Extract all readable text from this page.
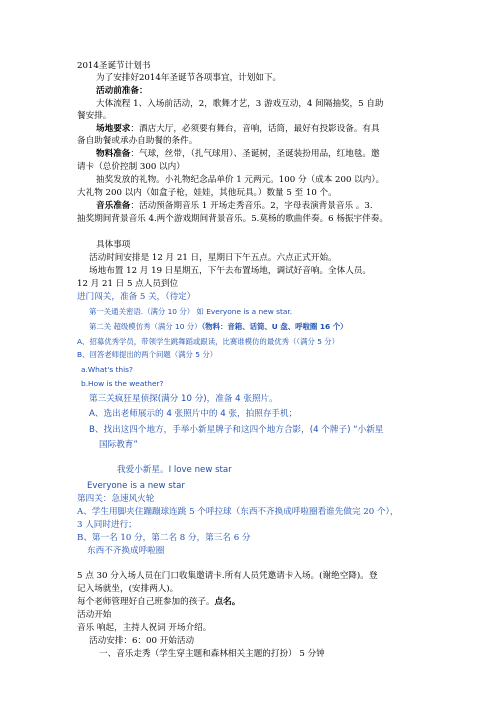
2014圣诞节计划书
为了安排好2014年圣诞节各项事宜，计划如下。
活动前准备：
大体流程 1、入场前活动，2，歌舞才艺，3 游戏互动，4 间隔抽奖，5 自助
餐安排。
场地要求：酒店大厅，必须要有舞台，音响，话筒，最好有投影设备。有具
备自助餐或承办自助餐的条件。
物料准备：气球，丝带，（扎气球用）、圣诞树，圣诞装扮用品，红地毯。邀
请卡（总价控制 300 以内）
抽奖发放的礼物。小礼物纪念品单价 1 元两元。100 分（成本 200 以内）。
大礼物 200 以内（如盒子枪，娃娃，其他玩具。）数量 5 至 10 个。
音乐准备：活动预备期音乐 1 开场走秀音乐。2，字母表演背景音乐 。3.
抽奖期间背景音乐 4.两个游戏期间背景音乐。5.莫杨的歌曲伴奏。6 杨振宇伴奏。
具体事项
活动时间安排是 12 月 21 日，星期日下午五点。六点正式开始。
场地布置 12 月 19 日星期五，下午去布置场地，调试好音响。全体人员。
12 月 21 日 5 点人员到位
进门闯关，准备 5 关，（待定）
第一关通关密语.（满分 10 分） 如 Everyone is a new star.
第二关 超级模仿秀（满分 10 分）（物料：音箱、话筒、U 盘、呼啦圈 16 个）
A、招募优秀学员，带领学生跳舞蹈或跟读，比赛谁模仿的最优秀（（满分 5 分）
B、回答老师提出的两个问题（满分 5 分）
a.What's this?
b.How is the weather?
第三关疯狂星侦探(满分 10 分)，准备 4 张照片。
A、选出老师展示的 4 张照片中的 4 张，拍照存手机；
B、找出这四个地方，手举小新星牌子和这四个地方合影，(4 个牌子) “小新星
国际教育”
我爱小新星。I love new star
Everyone is a new star
第四关：急速风火轮
A、学生用脚夹住蹦蹦球连跳 5 个呼拉球（东西不齐换成呼啦圈看谁先做完 20 个），
3 人同时进行；
B、第一名 10 分，第二名 8 分，第三名 6 分
东西不齐换成呼啦圈
5 点 30 分入场人员在门口收集邀请卡.所有人员凭邀请卡入场。(谢绝空降)。登
记入场就坐，(安排两人)。
每个老师管理好自己班参加的孩子。点名。
活动开始
音乐 响起，主持人祝词 开场介绍。
活动安排：6：00 开始活动
一、音乐走秀（学生穿主题和森林相关主题的打扮） 5 分钟
